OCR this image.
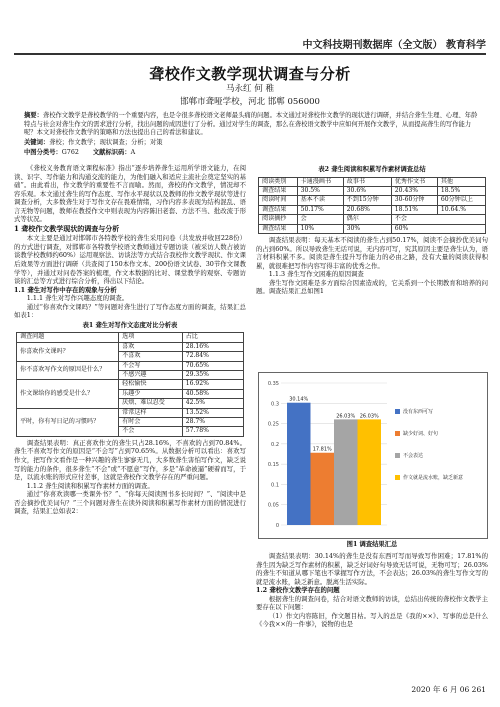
中文科技期刊数据库（全文版） 教育科学
聋校作文教学现状调查与分析
马永红 何 稚
邯郸市聋哑学校，河北 邯郸 056000
摘要：聋校作文教学是聋校教学的一个重要内容，也是令很多聋校语文老师最头痛的问题。本文通过对聋校作文教学的现状进行调研，并结合聋生生理、心理、年龄特点与社会对聋生作文的需求进行分析，找出问题的成因进行了分析。通过对学生的调查，那么在聋校语文教学中应如何开展作文教学，从而提高聋生的写作能力呢？本文对聋校作文教学的策略和方法也提出自己的看法和建议。
关键词：聋校；作文教学；现状调查；分析；对策
中图分类号：G762 文献标识码：A

《聋校义务教育语文课程标准》指出“逐步培养聋生运用所学语文能力，在阅读、识字、写作能力和沟通交流的能力，为他们融入和适应主流社会奠定坚实的基础”。由此看出，作文教学的重要性不言而喻。然而，聋校的作文教学，情况却不容乐观。本文通过聋生的写作态度、写作水平现状以及教师的作文教学现状等进行调查分析，大多数聋生对于写作文存在畏难情绪，习作内容多表现为结构混乱、语言无物等问题，教师在教授作文中则表现为内容陈旧老套、方法不当、批改流于形式等状况。

1 聋校作文教学现状的调查与分析

本文主要是通过对邯郸市各特教学校的聋生采用问卷（共发放并收回228份）的方式进行调查，对邯郸市各特教学校语文教师通过专题访谈（被采访人数占被访谈教学校教师约60%）运用观察法、访谈法等方式结合我校作文教学现状、作文课后效果等方面进行调研（共查阅了150本作文本、200份语文试卷、30节作文课教学等），并通过对问卷答案的梳理，作文本数据的比对、课堂教学的观察、专题访谈的汇总等方式进行综合分析，得出以下结论。

1.1 聋生对写作中存在的观象与分析

1.1.1 聋生对写作兴趣态度的调查。

通过“你喜欢作文课吗？”等问题对聋生进行了写作态度方面的调查，结果汇总如表1：

表1 聋生对写作文态度对比分析表
调查问题	选项	占比
你喜欢作文课吗？	喜欢	28.16%
	不喜欢	72.84%
你不喜欢写作文的原因是什么？	不会写	70.65%
	不感兴趣	29.35%
作文课给你的感受是什么？	轻松愉快	16.92%
	乐趣少	40.58%
	厌烦、难以忍受	42.5%
平时，你有写日记的习惯吗？	常常这样	13.52%
	有时会	28.7%
	不会	57.78%

调查结果表明：真正喜欢作文的聋生只占28.16%，不喜欢的占到70.84%。聋生不喜欢写作文的原因是“不会写”占到70.65%。从数据分析可以看出：喜欢写作文，把写作文看作是一种兴趣的聋生寥寥无几，大多数聋生害怕写作文，缺乏说写的能力的条件，很多聋生“不会”或“不愿意”写作，多是“革命被逼”硬着而写，于是，以流水账的形式应付差事，这就是聋校作文教学存在的严重问题。

1.1.2 聋生阅读和积累写作素材方面的调查。

通过“你喜欢读哪一类课外书？”、“你每天阅读图书多长时间？”、“阅读中是否会摘抄优美词句？”三个问题对聋生在读外阅读和积累写作素材方面的情况进行调查，结果汇总如表2：

表2 聋生阅读和积累写作素材调查总结
阅读类别	卡通漫画书	故事书	优秀作文书	其他
调查结果	30.5%	30.6%	20.43%	18.5%
阅读时间	基本不读	不到15分钟	30-60分钟	60分钟以上
调查结果	50.17%	20.68%	18.51%	10.64.%
阅读摘抄	会	偶尔	不会	
调查结果	10%	30%	60%	

调查结果表明：每天基本不阅读的聋生占到50.17%，阅读不会摘抄优美词句的占到60%。所以导致聋生无话可说，无内容可写，究其原因主要是聋生认为，语言材料积累不多。阅读是聋生提升写作能力的必由之路，没有大量的阅读获得积累，就很难把写作内容写得丰富的优秀之作。

1.1.3 聋生写作文困难的原因调查

聋生写作文困难是多方面综合因素造成的，它关系到一个长期教育和培养的问题。调查结果汇总如图1

0.35
0.3
0.25
0.2
0.15
0.1
0.05
0
30.14%
17.81%
26.03% 26.03%
没有东西可写
缺少好词、好句
不会表达
作文就是流水账，缺乏新意
图1 调查结果汇总

调查结果表明：30.14%的聋生是没有东西可写而导致写作困难；17.81%的聋生因为缺乏写作素材的积累，缺乏好词好句导致无话可说，无物可写；26.03%的聋生不知道从哪下笔也不掌握写作方法，不会表达；26.03%的聋生写作文写的就是流水账，缺乏新意。脱离生活实际。

1.2 聋校作文教学存在的问题

根据聋生的调查问卷，结合对语文教师的访谈，总结出传统的聋校作文教学主要存在以下问题：

（1）作文内容陈旧，作文题目枯。写入的总是《我的××》、写事的总是什么《今我××的一件事》，说物的也是

2020 年 6 月 06 261
